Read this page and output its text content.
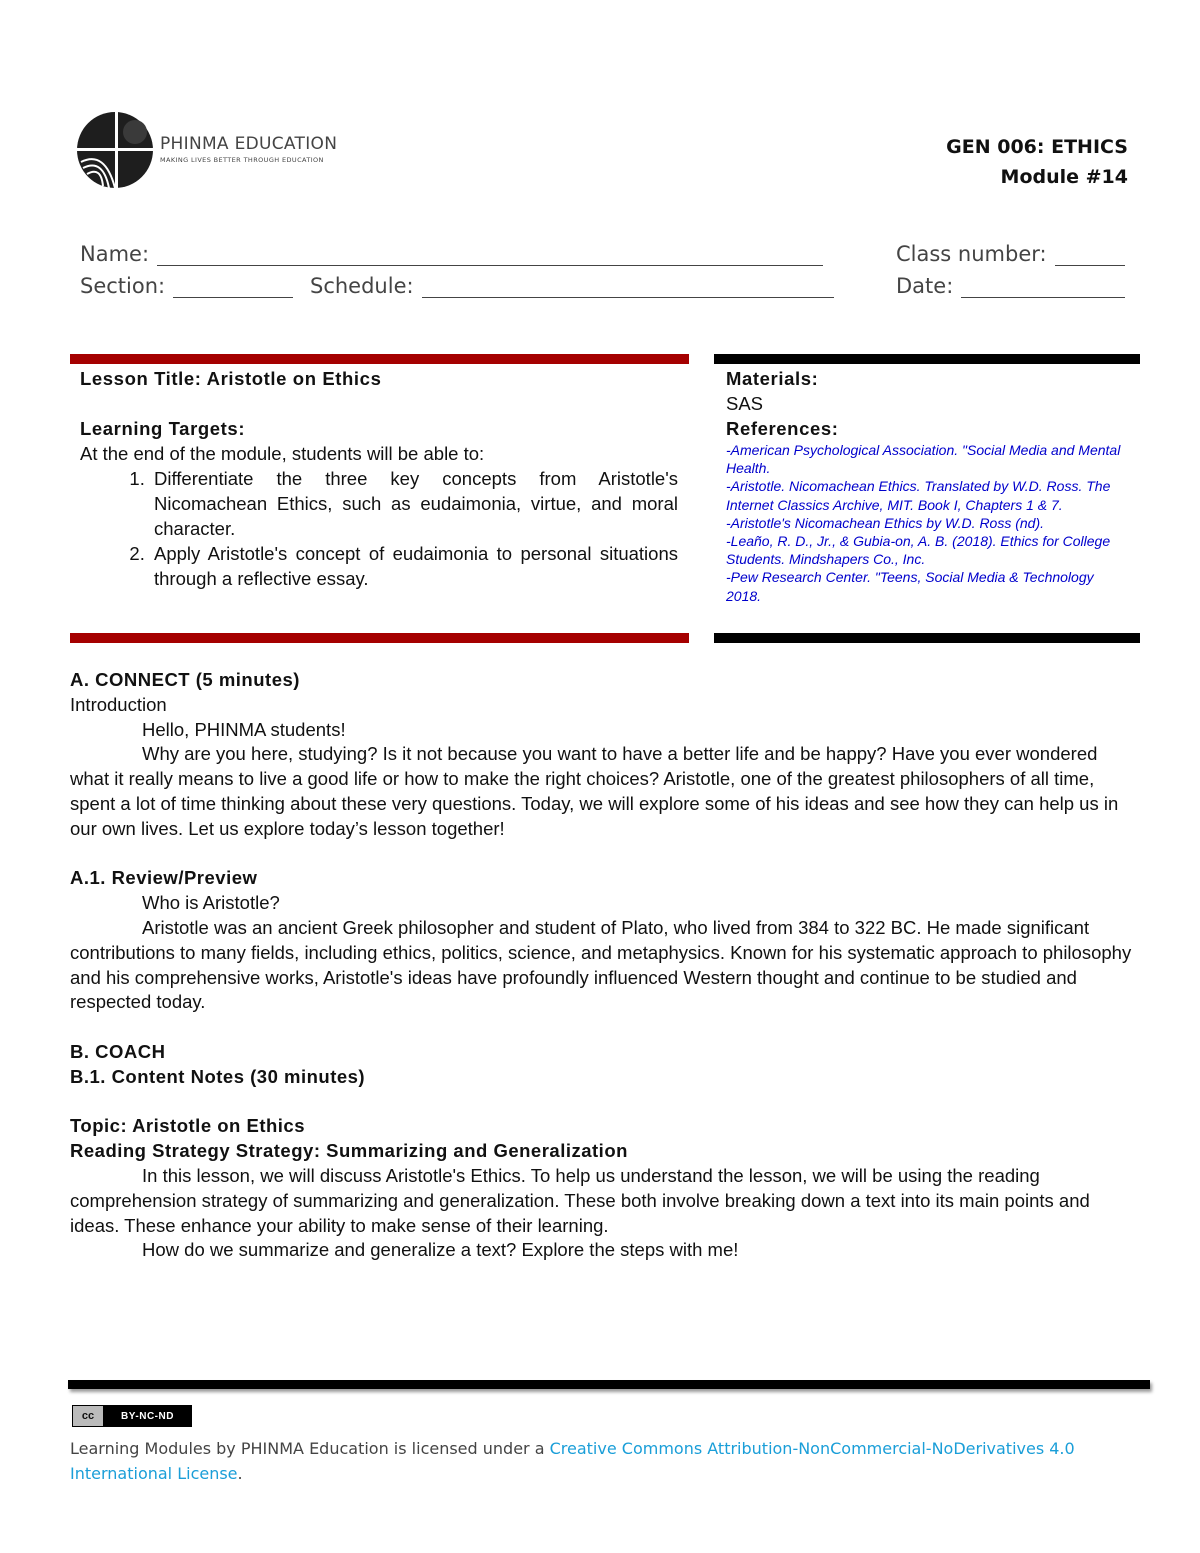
PHINMA EDUCATION
MAKING LIVES BETTER THROUGH EDUCATION
GEN 006: ETHICS
Module #14
Name:	Class number:
Section:	Schedule:	Date:
Lesson Title: Aristotle on Ethics
Learning Targets:
At the end of the module, students will be able to:
1. Differentiate the three key concepts from Aristotle's Nicomachean Ethics, such as eudaimonia, virtue, and moral character.
2. Apply Aristotle's concept of eudaimonia to personal situations through a reflective essay.
Materials:
SAS
References:
-American Psychological Association. "Social Media and Mental Health.
-Aristotle. Nicomachean Ethics. Translated by W.D. Ross. The Internet Classics Archive, MIT. Book I, Chapters 1 & 7.
-Aristotle's Nicomachean Ethics by W.D. Ross (nd).
-Leaño, R. D., Jr., & Gubia-on, A. B. (2018). Ethics for College Students. Mindshapers Co., Inc.
-Pew Research Center. "Teens, Social Media & Technology 2018.

A. CONNECT (5 minutes)

Introduction

Hello, PHINMA students!

Why are you here, studying? Is it not because you want to have a better life and be happy? Have you ever wondered what it really means to live a good life or how to make the right choices? Aristotle, one of the greatest philosophers of all time, spent a lot of time thinking about these very questions. Today, we will explore some of his ideas and see how they can help us in our own lives. Let us explore today’s lesson together!

A.1. Review/Preview

Who is Aristotle?

Aristotle was an ancient Greek philosopher and student of Plato, who lived from 384 to 322 BC. He made significant contributions to many fields, including ethics, politics, science, and metaphysics. Known for his systematic approach to philosophy and his comprehensive works, Aristotle's ideas have profoundly influenced Western thought and continue to be studied and respected today.

B. COACH

B.1. Content Notes (30 minutes)

Topic: Aristotle on Ethics

Reading Strategy Strategy: Summarizing and Generalization

In this lesson, we will discuss Aristotle's Ethics. To help us understand the lesson, we will be using the reading comprehension strategy of summarizing and generalization. These both involve breaking down a text into its main points and ideas. These enhance your ability to make sense of their learning.

How do we summarize and generalize a text? Explore the steps with me!

cc	BY-NC-ND
Learning Modules by PHINMA Education is licensed under a Creative Commons Attribution-NonCommercial-NoDerivatives 4.0 International License.
